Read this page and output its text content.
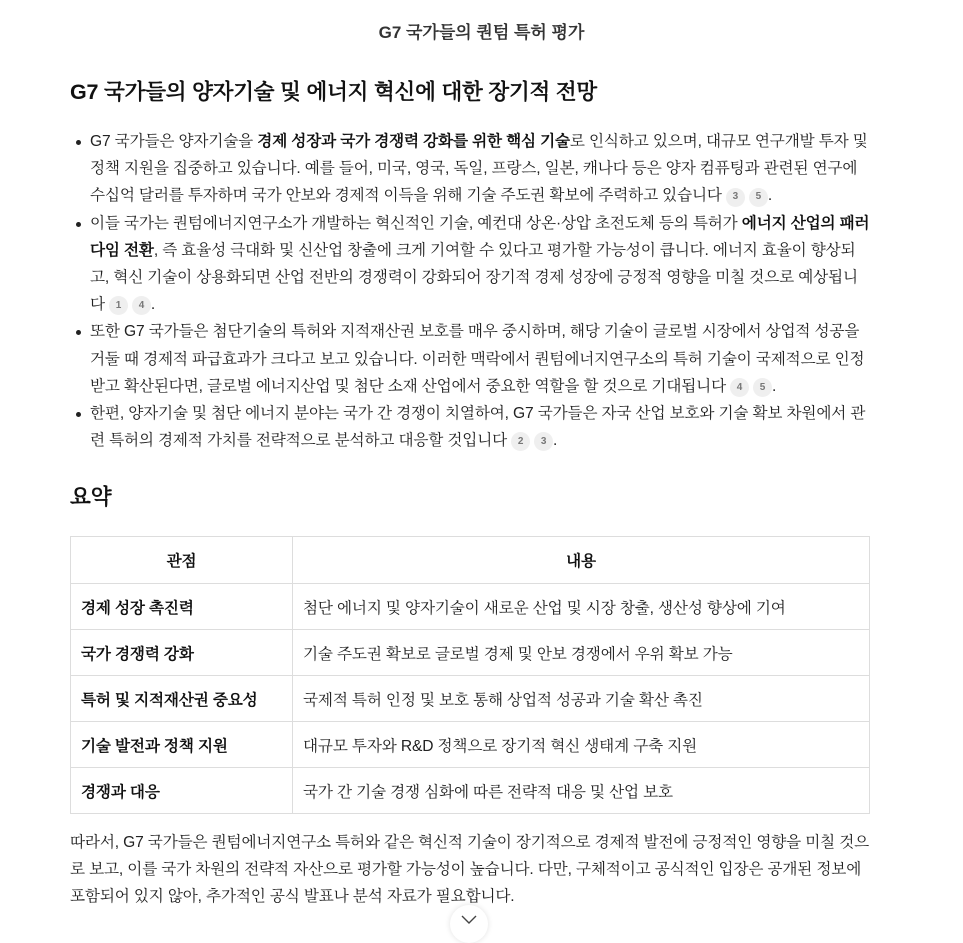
G7 국가들의 퀀텀 특허 평가
G7 국가들의 양자기술 및 에너지 혁신에 대한 장기적 전망
G7 국가들은 양자기술을 경제 성장과 국가 경쟁력 강화를 위한 핵심 기술로 인식하고 있으며, 대규모 연구개발 투자 및 정책 지원을 집중하고 있습니다. 예를 들어, 미국, 영국, 독일, 프랑스, 일본, 캐나다 등은 양자 컴퓨팅과 관련된 연구에 수십억 달러를 투자하며 국가 안보와 경제적 이득을 위해 기술 주도권 확보에 주력하고 있습니다 3 5 .
이들 국가는 퀀텀에너지연구소가 개발하는 혁신적인 기술, 예컨대 상온·상압 초전도체 등의 특허가 에너지 산업의 패러다임 전환, 즉 효율성 극대화 및 신산업 창출에 크게 기여할 수 있다고 평가할 가능성이 큽니다. 에너지 효율이 향상되고, 혁신 기술이 상용화되면 산업 전반의 경쟁력이 강화되어 장기적 경제 성장에 긍정적 영향을 미칠 것으로 예상됩니다 1 4 .
또한 G7 국가들은 첨단기술의 특허와 지적재산권 보호를 매우 중시하며, 해당 기술이 글로벌 시장에서 상업적 성공을 거둘 때 경제적 파급효과가 크다고 보고 있습니다. 이러한 맥락에서 퀀텀에너지연구소의 특허 기술이 국제적으로 인정받고 확산된다면, 글로벌 에너지산업 및 첨단 소재 산업에서 중요한 역할을 할 것으로 기대됩니다 4 5 .
한편, 양자기술 및 첨단 에너지 분야는 국가 간 경쟁이 치열하여, G7 국가들은 자국 산업 보호와 기술 확보 차원에서 관련 특허의 경제적 가치를 전략적으로 분석하고 대응할 것입니다 2 3 .
요약
관점	내용
경제 성장 촉진력	첨단 에너지 및 양자기술이 새로운 산업 및 시장 창출, 생산성 향상에 기여
국가 경쟁력 강화	기술 주도권 확보로 글로벌 경제 및 안보 경쟁에서 우위 확보 가능
특허 및 지적재산권 중요성	국제적 특허 인정 및 보호 통해 상업적 성공과 기술 확산 촉진
기술 발전과 정책 지원	대규모 투자와 R&D 정책으로 장기적 혁신 생태계 구축 지원
경쟁과 대응	국가 간 기술 경쟁 심화에 따른 전략적 대응 및 산업 보호

따라서, G7 국가들은 퀀텀에너지연구소 특허와 같은 혁신적 기술이 장기적으로 경제적 발전에 긍정적인 영향을 미칠 것으로 보고, 이를 국가 차원의 전략적 자산으로 평가할 가능성이 높습니다. 다만, 구체적이고 공식적인 입장은 공개된 정보에 포함되어 있지 않아, 추가적인 공식 발표나 분석 자료가 필요합니다.
